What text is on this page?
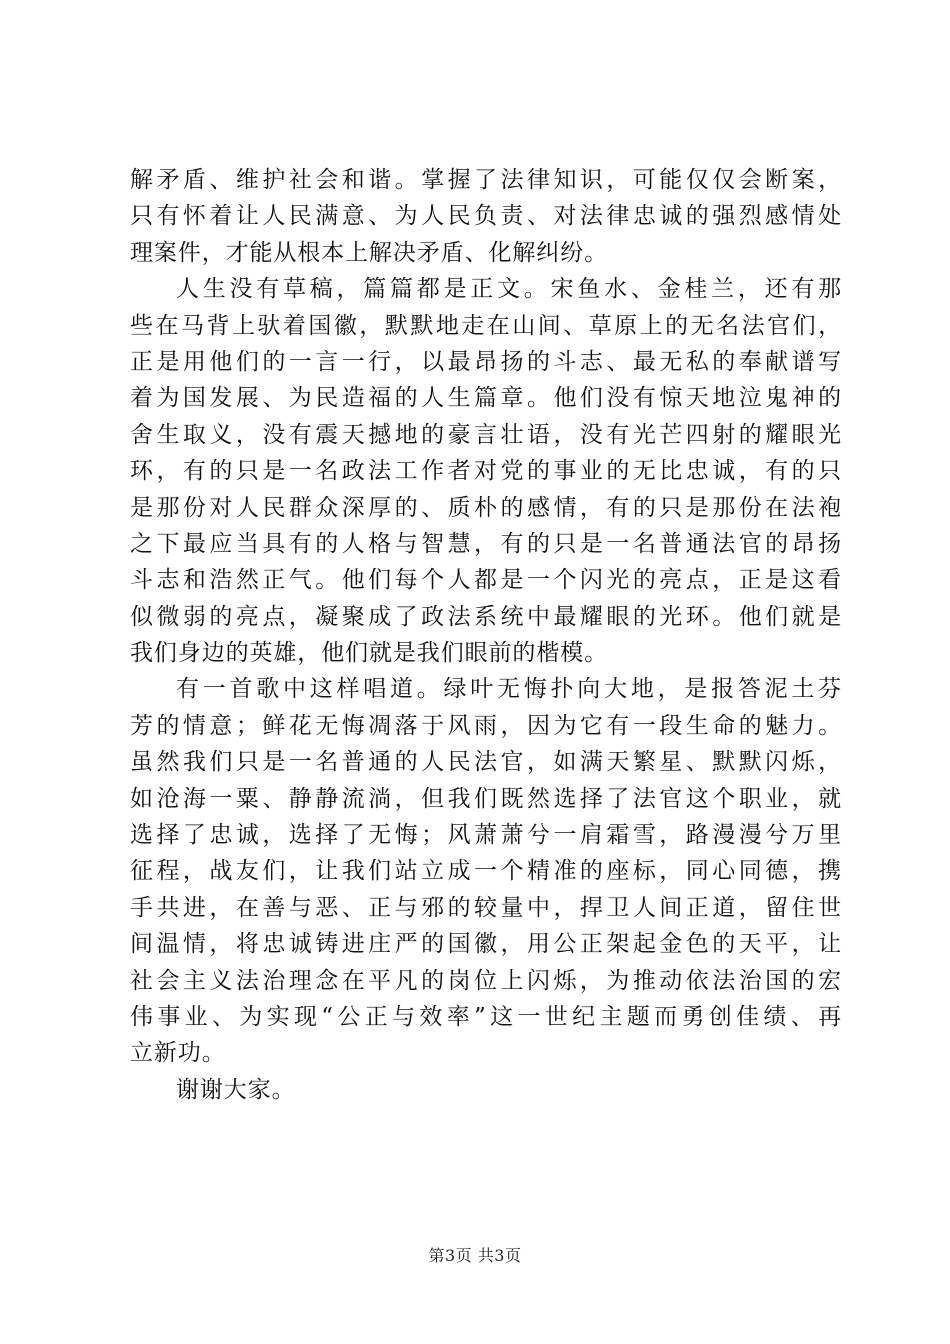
解矛盾、维护社会和谐。掌握了法律知识，可能仅仅会断案，
只有怀着让人民满意、为人民负责、对法律忠诚的强烈感情处
理案件，才能从根本上解决矛盾、化解纠纷。
人生没有草稿，篇篇都是正文。宋鱼水、金桂兰，还有那
些在马背上驮着国徽，默默地走在山间、草原上的无名法官们，
正是用他们的一言一行，以最昂扬的斗志、最无私的奉献谱写
着为国发展、为民造福的人生篇章。他们没有惊天地泣鬼神的
舍生取义，没有震天撼地的豪言壮语，没有光芒四射的耀眼光
环，有的只是一名政法工作者对党的事业的无比忠诚，有的只
是那份对人民群众深厚的、质朴的感情，有的只是那份在法袍
之下最应当具有的人格与智慧，有的只是一名普通法官的昂扬
斗志和浩然正气。他们每个人都是一个闪光的亮点，正是这看
似微弱的亮点，凝聚成了政法系统中最耀眼的光环。他们就是
我们身边的英雄，他们就是我们眼前的楷模。
有一首歌中这样唱道。绿叶无悔扑向大地，是报答泥土芬
芳的情意；鲜花无悔凋落于风雨，因为它有一段生命的魅力。
虽然我们只是一名普通的人民法官，如满天繁星、默默闪烁，
如沧海一粟、静静流淌，但我们既然选择了法官这个职业，就
选择了忠诚，选择了无悔；风萧萧兮一肩霜雪，路漫漫兮万里
征程，战友们，让我们站立成一个精准的座标，同心同德，携
手共进，在善与恶、正与邪的较量中，捍卫人间正道，留住世
间温情，将忠诚铸进庄严的国徽，用公正架起金色的天平，让
社会主义法治理念在平凡的岗位上闪烁，为推动依法治国的宏
伟事业、为实现“公正与效率”这一世纪主题而勇创佳绩、再
立新功。
谢谢大家。
第3页 共3页
